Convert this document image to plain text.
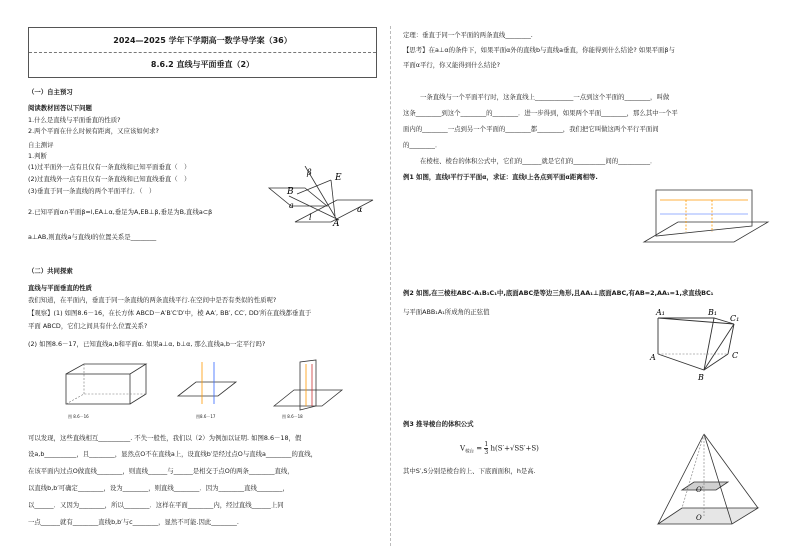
2024—2025 学年下学期高一数学导学案（36）
8.6.2 直线与平面垂直（2）
（一）自主预习
阅读教材回答以下问题
1.什么是直线与平面垂直的性质?
2.两个平面在什么时候有距离，又应该如何求?
自主测评
1.判断
(1)过平面外一点有且仅有一条直线和已知平面垂直（　）
(2)过直线外一点有且仅有一条直线和已知直线垂直（　）
(3)垂直于同一条直线的两个平面平行．（　）
2.已知平面α∩平面β=l,EA⊥α,垂足为A,EB⊥β,垂足为B,直线a⊂β
a⊥AB,则直线a与直线l的位置关系是________
β
E
B
a
l
A
α
（二）共同探索
直线与平面垂直的性质
我们知道，在平面内，垂直于同一条直线的两条直线平行.在空间中是否有类似的性质呢?
【观察】(1) 如图8.6－16，在长方体 ABCD－A′B′C′D′中，棱 AA′, BB′, CC′, DD′所在直线都垂直于
平面 ABCD，它们之间具有什么位置关系?
(2) 如图8.6－17，已知直线a,b和平面α. 如果a⊥α, b⊥α, 那么直线a,b一定平行吗?
图 8.6－16	图8.6－17	图 8.6－18
可以发现，这些直线相互__________. 不失一般性，我们以（2）为例加以证明. 如图8.6－18，假
设a,b__________，且________，显然点O不在直线a上，设直线b′是经过点O与直线a________的直线，
在该平面内过点O做直线________，则直线______与______是相交于点O的两条________直线，
以直线b,b′可确定________，设为________，则直线________．因为________直线________，
以______．又因为________，所以________．这样在平面________内，经过直线______上同
一点______就有________直线b,b′与c________，显然不可能.因此________.
定理：垂直于同一个平面的两条直线________.
【思考】在a⊥α的条件下，如果平面α外的直线b与直线a垂直，你能得到什么结论? 如果平面β与
平面α平行，你又能得到什么结论?
一条直线与一个平面平行时，这条直线上____________一点到这个平面的________，叫做
这条________到这个________的________．进一步得到，如果两个平面________，那么其中一个平
面内的________一点到另一个平面的________都________，我们把它叫做这两个平行平面间
的________．
在棱柱、棱台的体积公式中，它们的______就是它们的__________间的__________．
例1 如图，直线l平行于平面α，求证：直线l上各点到平面α距离相等.
例2 如图,在三棱柱ABC-A₁B₁C₁中,底面ABC是等边三角形,且AA₁⊥底面ABC,有AB=2,AA₁=1,求直线BC₁
与平面ABB₁A₁所成角的正弦值	A₁	B₁
C₁
A
B
C
例3 推导棱台的体积公式
$V_{棱台} = \frac{1}{3} h(S'+√SS'+S)$
其中S′,S分别是棱台的上、下底面面积，h是高.
O′
O
